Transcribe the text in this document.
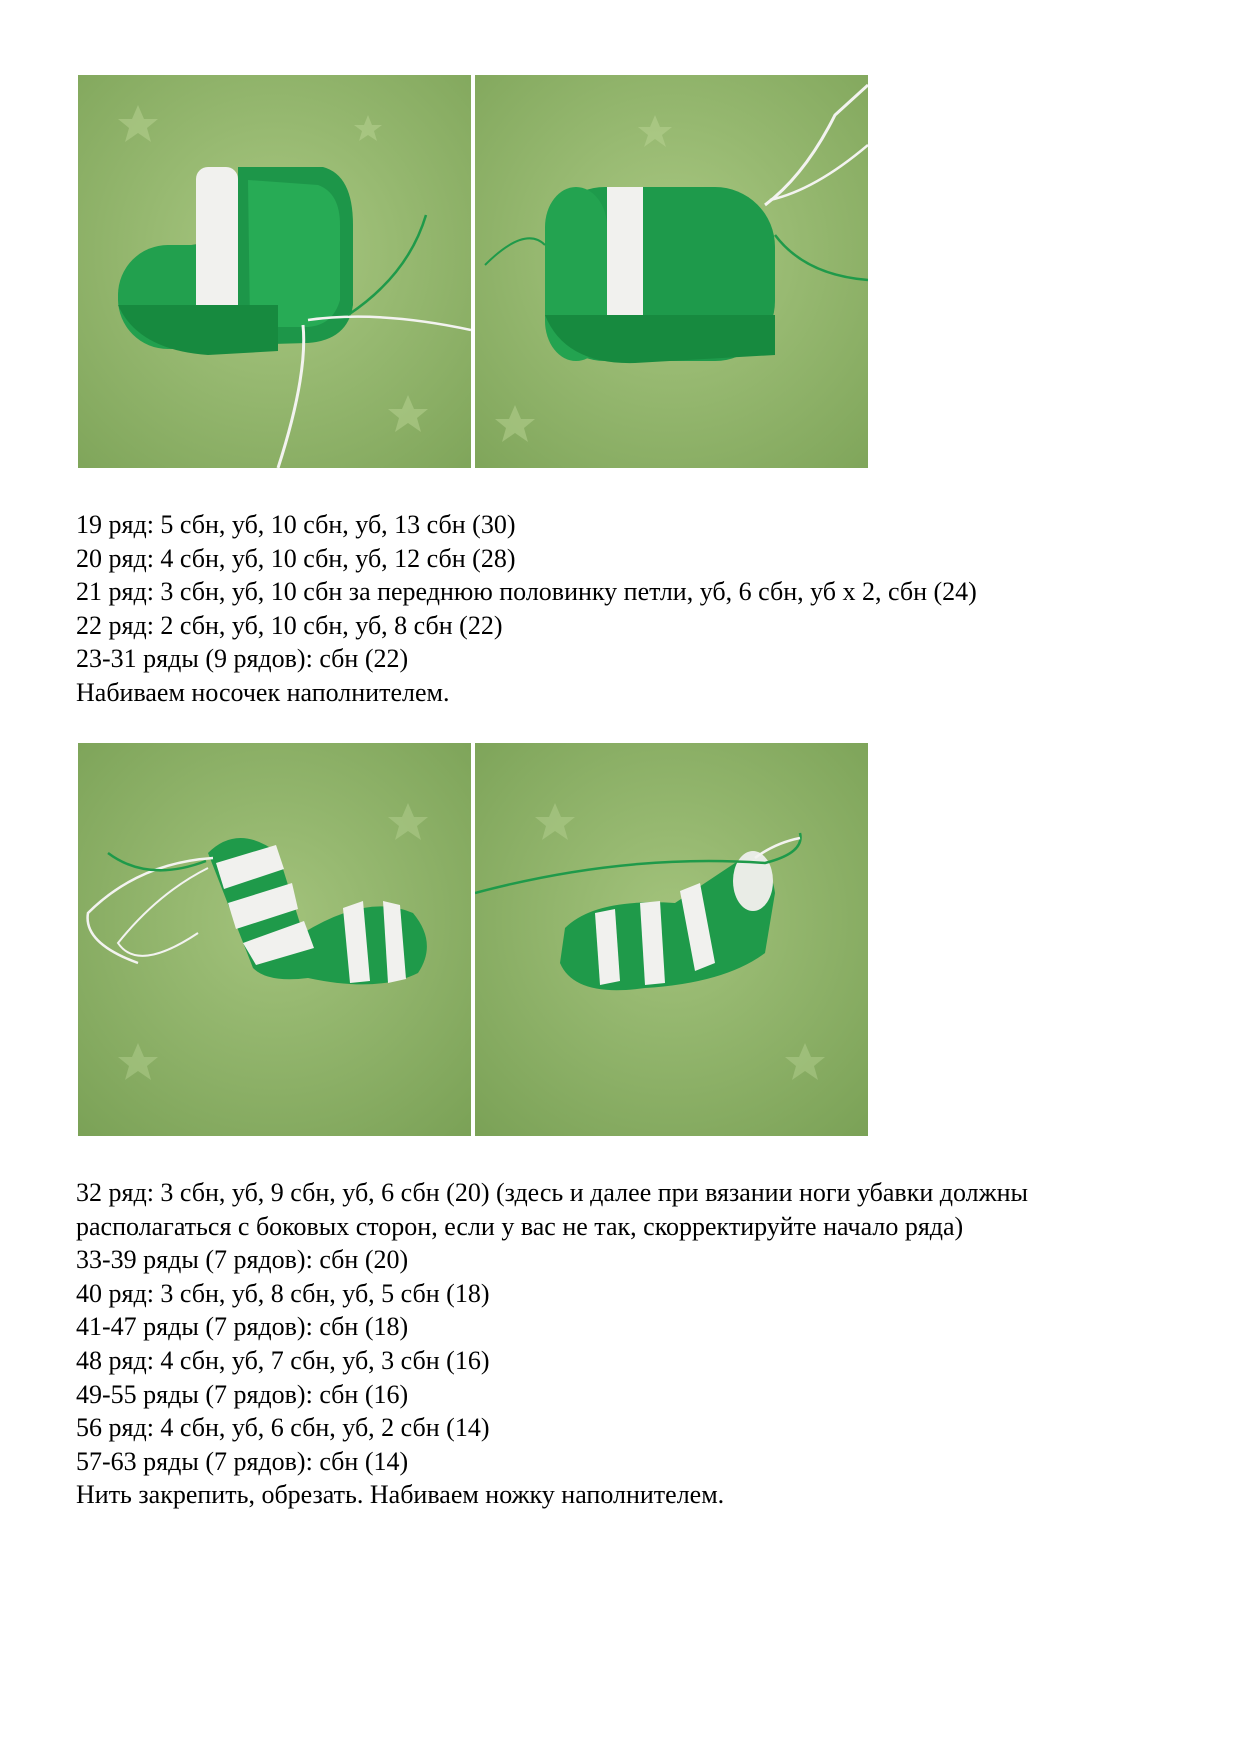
19 ряд: 5 сбн, уб, 10 сбн, уб, 13 сбн (30)
20 ряд: 4 сбн, уб, 10 сбн, уб, 12 сбн (28)
21 ряд: 3 сбн, уб, 10 сбн за переднюю половинку петли, уб, 6 сбн, уб х 2, сбн (24)
22 ряд: 2 сбн, уб, 10 сбн, уб, 8 сбн (22)
23-31 ряды (9 рядов): сбн (22)
Набиваем носочек наполнителем.
32 ряд: 3 сбн, уб, 9 сбн, уб, 6 сбн (20) (здесь и далее при вязании ноги убавки должны
располагаться с боковых сторон, если у вас не так, скорректируйте начало ряда)
33-39 ряды (7 рядов): сбн (20)
40 ряд: 3 сбн, уб, 8 сбн, уб, 5 сбн (18)
41-47 ряды (7 рядов): сбн (18)
48 ряд: 4 сбн, уб, 7 сбн, уб, 3 сбн (16)
49-55 ряды (7 рядов): сбн (16)
56 ряд: 4 сбн, уб, 6 сбн, уб, 2 сбн (14)
57-63 ряды (7 рядов): сбн (14)
Нить закрепить, обрезать. Набиваем ножку наполнителем.
